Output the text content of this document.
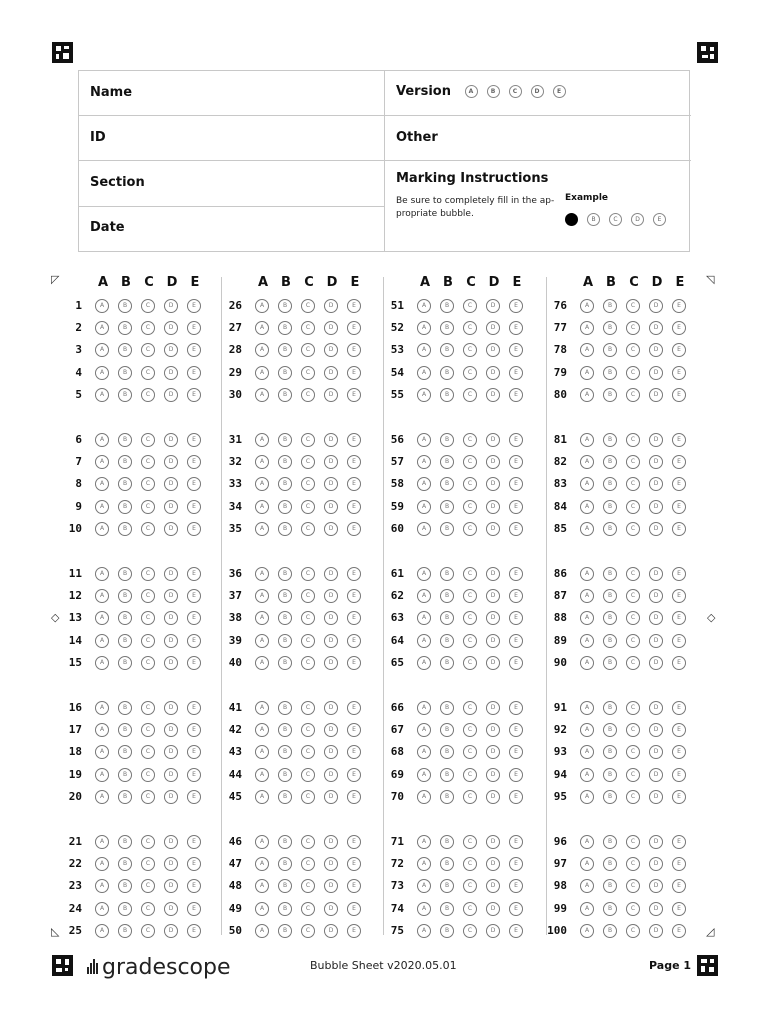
Name	Version	A	B	C	D	E
ID	Other
Section
Date
Marking Instructions
Be sure to completely fill in the ap-propriate bubble.
Example
B	C	D	E
A B C D E
1	A	B	C	D	E
2	A	B	C	D	E
3	A	B	C	D	E
4	A	B	C	D	E
5	A	B	C	D	E
6	A	B	C	D	E
7	A	B	C	D	E
8	A	B	C	D	E
9	A	B	C	D	E
10	A	B	C	D	E
11	A	B	C	D	E
12	A	B	C	D	E
13	A	B	C	D	E
14	A	B	C	D	E
15	A	B	C	D	E
16	A	B	C	D	E
17	A	B	C	D	E
18	A	B	C	D	E
19	A	B	C	D	E
20	A	B	C	D	E
21	A	B	C	D	E
22	A	B	C	D	E
23	A	B	C	D	E
24	A	B	C	D	E
25	A	B	C	D	E
A B C D E
26	A	B	C	D	E
27	A	B	C	D	E
28	A	B	C	D	E
29	A	B	C	D	E
30	A	B	C	D	E
31	A	B	C	D	E
32	A	B	C	D	E
33	A	B	C	D	E
34	A	B	C	D	E
35	A	B	C	D	E
36	A	B	C	D	E
37	A	B	C	D	E
38	A	B	C	D	E
39	A	B	C	D	E
40	A	B	C	D	E
41	A	B	C	D	E
42	A	B	C	D	E
43	A	B	C	D	E
44	A	B	C	D	E
45	A	B	C	D	E
46	A	B	C	D	E
47	A	B	C	D	E
48	A	B	C	D	E
49	A	B	C	D	E
50	A	B	C	D	E
A B C D E
51	A	B	C	D	E
52	A	B	C	D	E
53	A	B	C	D	E
54	A	B	C	D	E
55	A	B	C	D	E
56	A	B	C	D	E
57	A	B	C	D	E
58	A	B	C	D	E
59	A	B	C	D	E
60	A	B	C	D	E
61	A	B	C	D	E
62	A	B	C	D	E
63	A	B	C	D	E
64	A	B	C	D	E
65	A	B	C	D	E
66	A	B	C	D	E
67	A	B	C	D	E
68	A	B	C	D	E
69	A	B	C	D	E
70	A	B	C	D	E
71	A	B	C	D	E
72	A	B	C	D	E
73	A	B	C	D	E
74	A	B	C	D	E
75	A	B	C	D	E
A B C D E
76	A	B	C	D	E
77	A	B	C	D	E
78	A	B	C	D	E
79	A	B	C	D	E
80	A	B	C	D	E
81	A	B	C	D	E
82	A	B	C	D	E
83	A	B	C	D	E
84	A	B	C	D	E
85	A	B	C	D	E
86	A	B	C	D	E
87	A	B	C	D	E
88	A	B	C	D	E
89	A	B	C	D	E
90	A	B	C	D	E
91	A	B	C	D	E
92	A	B	C	D	E
93	A	B	C	D	E
94	A	B	C	D	E
95	A	B	C	D	E
96	A	B	C	D	E
97	A	B	C	D	E
98	A	B	C	D	E
99	A	B	C	D	E
100	A	B	C	D	E
◸	◹
◇	◇
◺	◿
gradescope	Bubble Sheet v2020.05.01	Page 1
